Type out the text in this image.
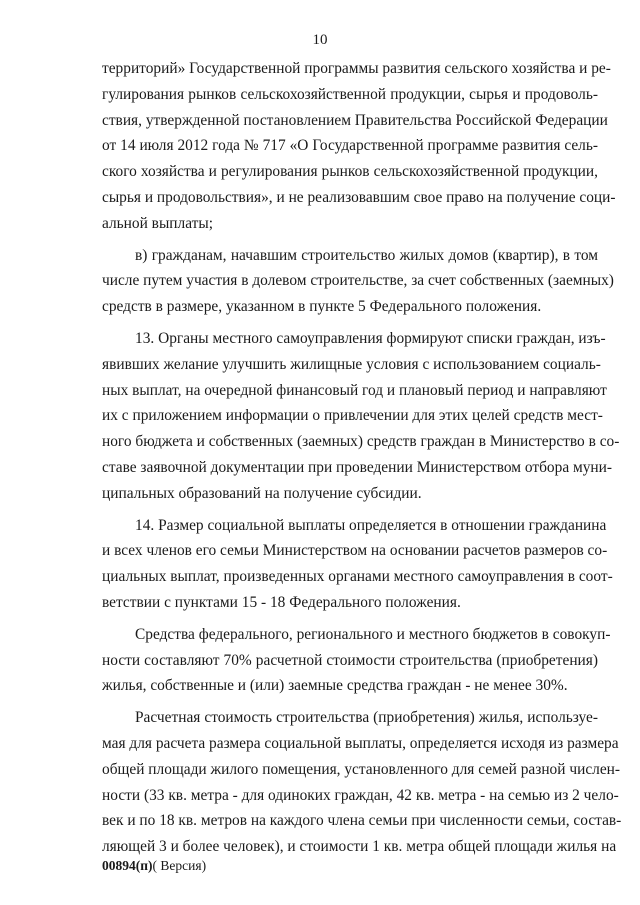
10
территорий» Государственной программы развития сельского хозяйства и ре-
гулирования рынков сельскохозяйственной продукции, сырья и продоволь-
ствия, утвержденной постановлением Правительства Российской Федерации
от 14 июля 2012 года № 717 «О Государственной программе развития сель-
ского хозяйства и регулирования рынков сельскохозяйственной продукции,
сырья и продовольствия», и не реализовавшим свое право на получение соци-
альной выплаты;
в) гражданам, начавшим строительство жилых домов (квартир), в том
числе путем участия в долевом строительстве, за счет собственных (заемных)
средств в размере, указанном в пункте 5 Федерального положения.
13. Органы местного самоуправления формируют списки граждан, изъ-
явивших желание улучшить жилищные условия с использованием социаль-
ных выплат, на очередной финансовый год и плановый период и направляют
их с приложением информации о привлечении для этих целей средств мест-
ного бюджета и собственных (заемных) средств граждан в Министерство в со-
ставе заявочной документации при проведении Министерством отбора муни-
ципальных образований на получение субсидии.
14. Размер социальной выплаты определяется в отношении гражданина
и всех членов его семьи Министерством на основании расчетов размеров со-
циальных выплат, произведенных органами местного самоуправления в соот-
ветствии с пунктами 15 - 18 Федерального положения.
Средства федерального, регионального и местного бюджетов в совокуп-
ности составляют 70% расчетной стоимости строительства (приобретения)
жилья, собственные и (или) заемные средства граждан - не менее 30%.
Расчетная стоимость строительства (приобретения) жилья, используе-
мая для расчета размера социальной выплаты, определяется исходя из размера
общей площади жилого помещения, установленного для семей разной числен-
ности (33 кв. метра - для одиноких граждан, 42 кв. метра - на семью из 2 чело-
век и по 18 кв. метров на каждого члена семьи при численности семьи, состав-
ляющей 3 и более человек), и стоимости 1 кв. метра общей площади жилья на
00894(п)( Версия)
